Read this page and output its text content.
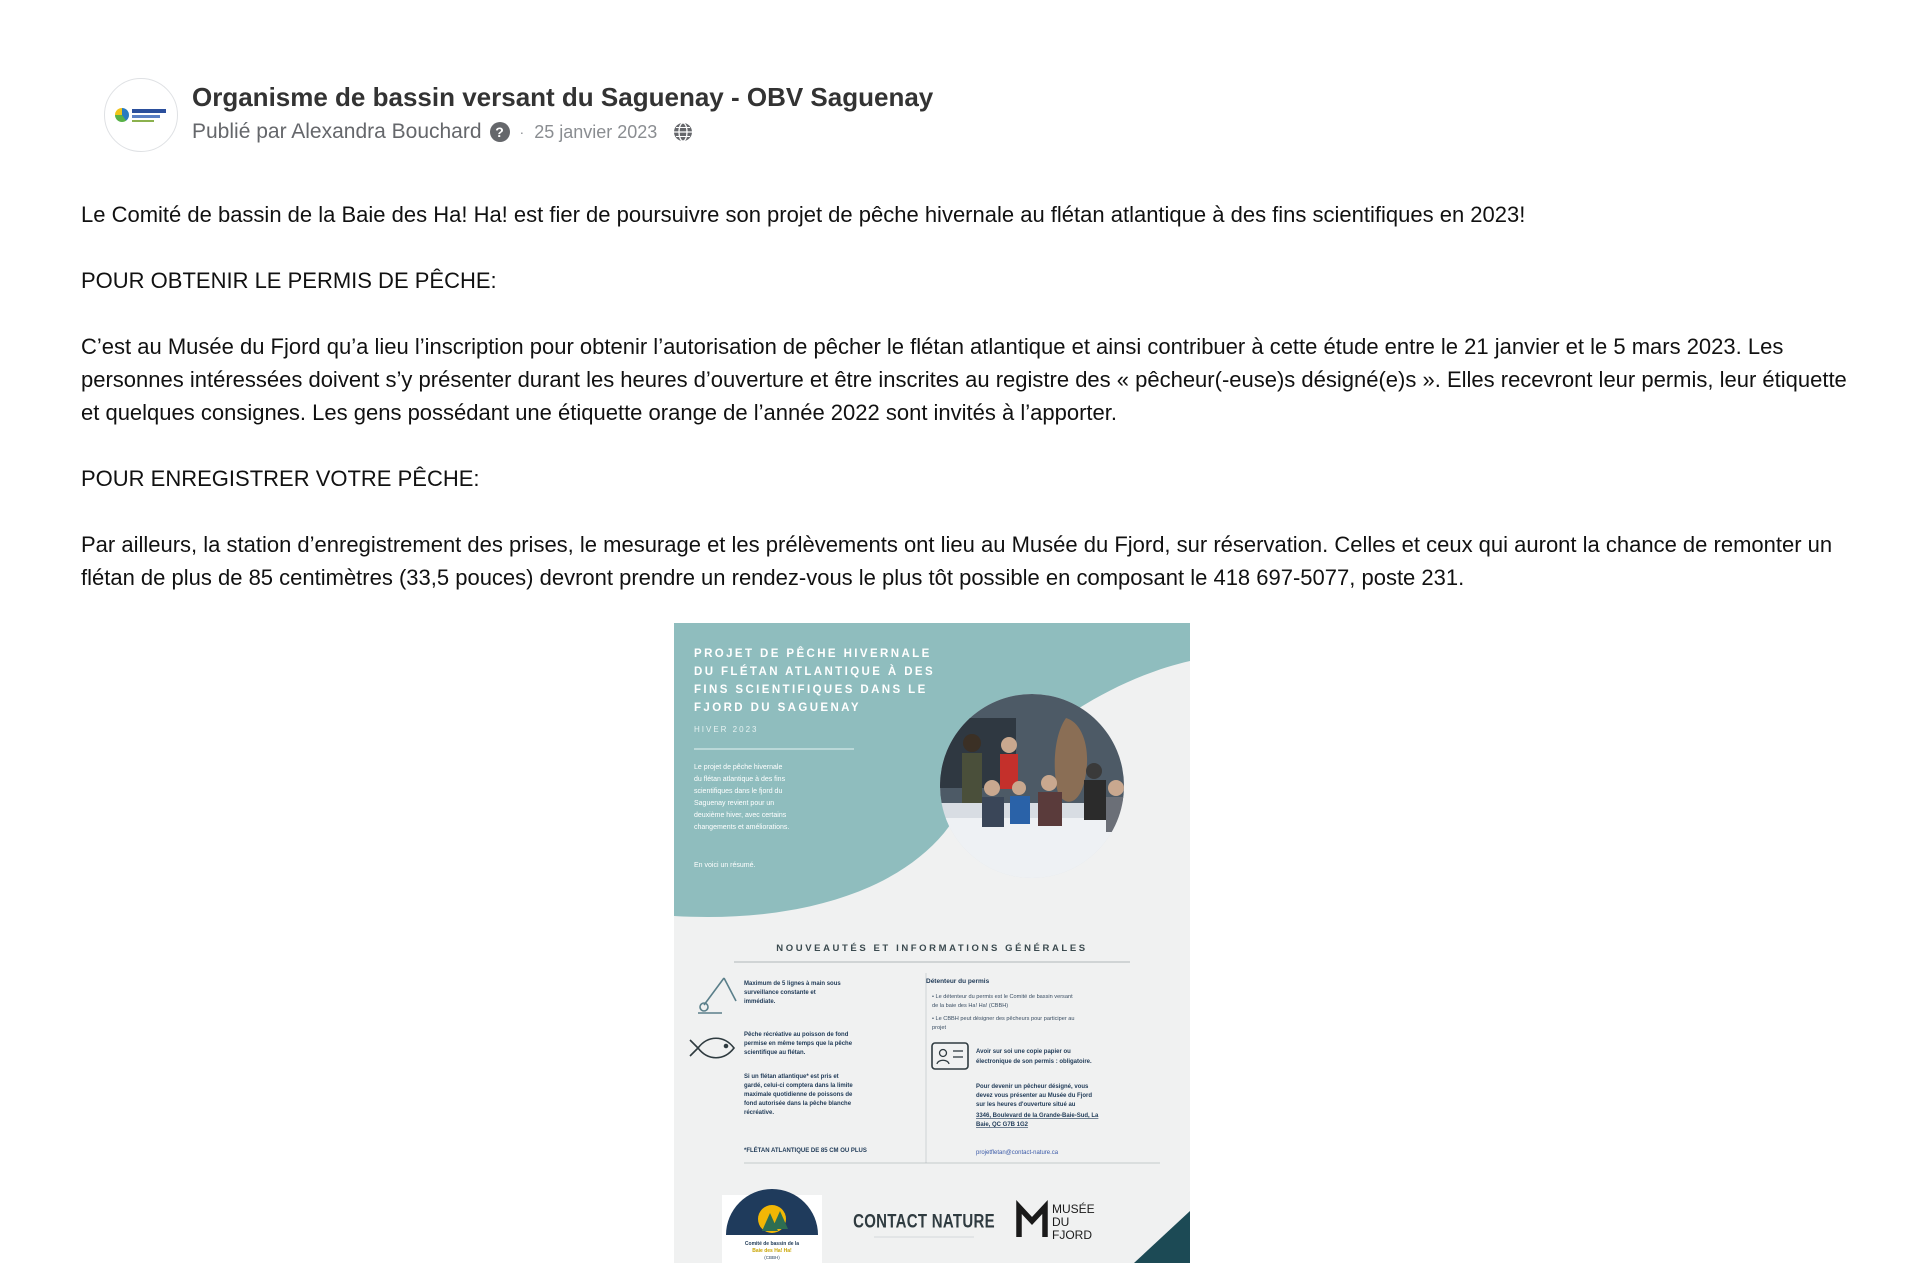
Organisme de bassin versant du Saguenay - OBV Saguenay
Publié par Alexandra Bouchard ?	· 25 janvier 2023

Le Comité de bassin de la Baie des Ha! Ha! est fier de poursuivre son projet de pêche hivernale au flétan atlantique à des fins scientifiques en 2023!

POUR OBTENIR LE PERMIS DE PÊCHE:

C’est au Musée du Fjord qu’a lieu l’inscription pour obtenir l’autorisation de pêcher le flétan atlantique et ainsi contribuer à cette étude entre le 21 janvier et le 5 mars 2023. Les personnes intéressées doivent s’y présenter durant les heures d’ouverture et être inscrites au registre des « pêcheur(-euse)s désigné(e)s ». Elles recevront leur permis, leur étiquette et quelques consignes. Les gens possédant une étiquette orange de l’année 2022 sont invités à l’apporter.

POUR ENREGISTRER VOTRE PÊCHE:

Par ailleurs, la station d’enregistrement des prises, le mesurage et les prélèvements ont lieu au Musée du Fjord, sur réservation. Celles et ceux qui auront la chance de remonter un flétan de plus de 85 centimètres (33,5 pouces) devront prendre un rendez-vous le plus tôt possible en composant le 418 697-5077, poste 231.

PROJET DE PÊCHE HIVERNALE
DU FLÉTAN ATLANTIQUE À DES
FINS SCIENTIFIQUES DANS LE
FJORD DU SAGUENAY
HIVER 2023
Le projet de pêche hivernale
du flétan atlantique à des fins
scientifiques dans le fjord du
Saguenay revient pour un
deuxième hiver, avec certains
changements et améliorations.
En voici un résumé.
NOUVEAUTÉS ET INFORMATIONS GÉNÉRALES
Maximum de 5 lignes à main sous
surveillance constante et
immédiate.
Pêche récréative au poisson de fond
permise en même temps que la pêche
scientifique au flétan.
Si un flétan atlantique* est pris et
gardé, celui-ci comptera dans la limite
maximale quotidienne de poissons de
fond autorisée dans la pêche blanche
récréative.
*FLÉTAN ATLANTIQUE DE 85 CM OU PLUS
Détenteur du permis
• Le détenteur du permis est le Comité de bassin versant
de la baie des Ha! Ha! (CBBH)
• Le CBBH peut désigner des pêcheurs pour participer au
projet
Avoir sur soi une copie papier ou
électronique de son permis : obligatoire.
Pour devenir un pêcheur désigné, vous
devez vous présenter au Musée du Fjord
sur les heures d'ouverture situé au
3346, Boulevard de la Grande-Baie-Sud, La
Baie, QC G7B 1G2
projetfletan@contact-nature.ca
Comité de bassin de la
Baie des Ha! Ha!
(CBBH)
CONTACT NATURE
MUSÉE
DU
FJORD
